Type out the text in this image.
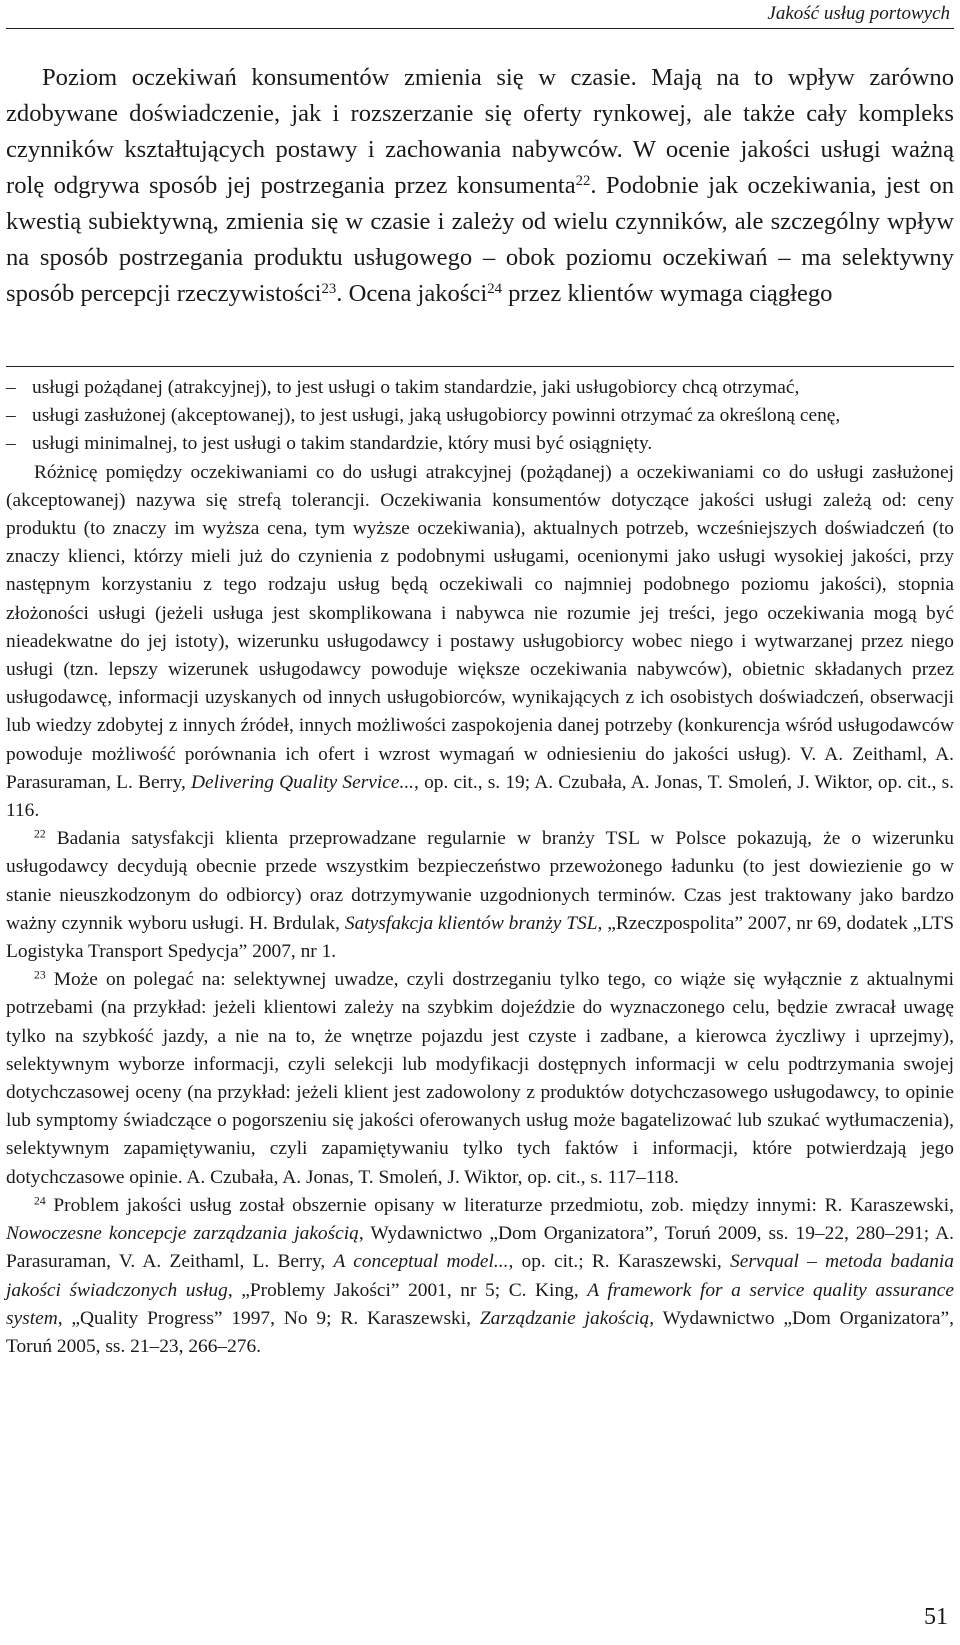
Jakość usług portowych

Poziom oczekiwań konsumentów zmienia się w czasie. Mają na to wpływ zarówno zdobywane doświadczenie, jak i rozszerzanie się oferty rynkowej, ale także cały kompleks czynników kształtujących postawy i zachowania nabywców. W ocenie jakości usługi ważną rolę odgrywa sposób jej postrzegania przez konsumenta$^{22}$. Podobnie jak oczekiwania, jest on kwestią subiektywną, zmienia się w czasie i zależy od wielu czynników, ale szczególny wpływ na sposób postrzegania produktu usługowego – obok poziomu oczekiwań – ma selektywny sposób percepcji rzeczywistości$^{23}$. Ocena jakości$^{24}$ przez klientów wymaga ciągłego

– usługi pożądanej (atrakcyjnej), to jest usługi o takim standardzie, jaki usługobiorcy chcą otrzymać,
– usługi zasłużonej (akceptowanej), to jest usługi, jaką usługobiorcy powinni otrzymać za określoną cenę,
– usługi minimalnej, to jest usługi o takim standardzie, który musi być osiągnięty.

Różnicę pomiędzy oczekiwaniami co do usługi atrakcyjnej (pożądanej) a oczekiwaniami co do usługi zasłużonej (akceptowanej) nazywa się strefą tolerancji. Oczekiwania konsumentów dotyczące jakości usługi zależą od: ceny produktu (to znaczy im wyższa cena, tym wyższe oczekiwania), aktualnych potrzeb, wcześniejszych doświadczeń (to znaczy klienci, którzy mieli już do czynienia z podobnymi usługami, ocenionymi jako usługi wysokiej jakości, przy następnym korzystaniu z tego rodzaju usług będą oczekiwali co najmniej podobnego poziomu jakości), stopnia złożoności usługi (jeżeli usługa jest skomplikowana i nabywca nie rozumie jej treści, jego oczekiwania mogą być nieadekwatne do jej istoty), wizerunku usługodawcy i postawy usługobiorcy wobec niego i wytwarzanej przez niego usługi (tzn. lepszy wizerunek usługodawcy powoduje większe oczekiwania nabywców), obietnic składanych przez usługodawcę, informacji uzyskanych od innych usługobiorców, wynikających z ich osobistych doświadczeń, obserwacji lub wiedzy zdobytej z innych źródeł, innych możliwości zaspokojenia danej potrzeby (konkurencja wśród usługodawców powoduje możliwość porównania ich ofert i wzrost wymagań w odniesieniu do jakości usług). V. A. Zeithaml, A. Parasuraman, L. Berry, Delivering Quality Service..., op. cit., s. 19; A. Czubała, A. Jonas, T. Smoleń, J. Wiktor, op. cit., s. 116.

$^{22}$ Badania satysfakcji klienta przeprowadzane regularnie w branży TSL w Polsce pokazują, że o wizerunku usługodawcy decydują obecnie przede wszystkim bezpieczeństwo przewożonego ładunku (to jest dowiezienie go w stanie nieuszkodzonym do odbiorcy) oraz dotrzymywanie uzgodnionych terminów. Czas jest traktowany jako bardzo ważny czynnik wyboru usługi. H. Brdulak, Satysfakcja klientów branży TSL, „Rzeczpospolita” 2007, nr 69, dodatek „LTS Logistyka Transport Spedycja” 2007, nr 1.

$^{23}$ Może on polegać na: selektywnej uwadze, czyli dostrzeganiu tylko tego, co wiąże się wyłącznie z aktualnymi potrzebami (na przykład: jeżeli klientowi zależy na szybkim dojeździe do wyznaczonego celu, będzie zwracał uwagę tylko na szybkość jazdy, a nie na to, że wnętrze pojazdu jest czyste i zadbane, a kierowca życzliwy i uprzejmy), selektywnym wyborze informacji, czyli selekcji lub modyfikacji dostępnych informacji w celu podtrzymania swojej dotychczasowej oceny (na przykład: jeżeli klient jest zadowolony z produktów dotychczasowego usługodawcy, to opinie lub symptomy świadczące o pogorszeniu się jakości oferowanych usług może bagatelizować lub szukać wytłumaczenia), selektywnym zapamiętywaniu, czyli zapamiętywaniu tylko tych faktów i informacji, które potwierdzają jego dotychczasowe opinie. A. Czubała, A. Jonas, T. Smoleń, J. Wiktor, op. cit., s. 117–118.

$^{24}$ Problem jakości usług został obszernie opisany w literaturze przedmiotu, zob. między innymi: R. Karaszewski, Nowoczesne koncepcje zarządzania jakością, Wydawnictwo „Dom Organizatora”, Toruń 2009, ss. 19–22, 280–291; A. Parasuraman, V. A. Zeithaml, L. Berry, A conceptual model..., op. cit.; R. Karaszewski, Servqual – metoda badania jakości świadczonych usług, „Problemy Jakości” 2001, nr 5; C. King, A framework for a service quality assurance system, „Quality Progress” 1997, No 9; R. Karaszewski, Zarządzanie jakością, Wydawnictwo „Dom Organizatora”, Toruń 2005, ss. 21–23, 266–276.

51
